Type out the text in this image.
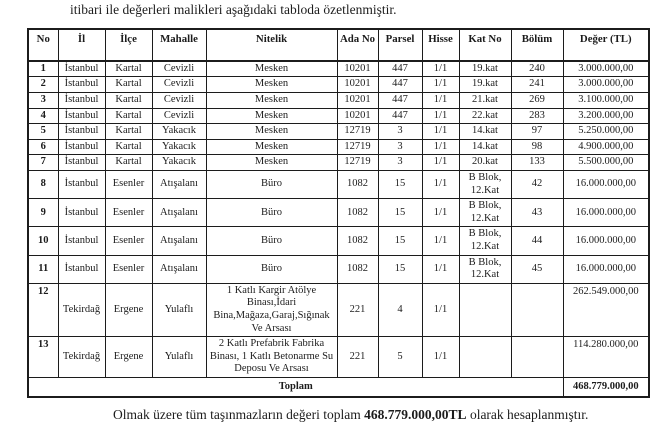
itibari ile değerleri malikleri aşağıdaki tabloda özetlenmiştir.

No	İl	İlçe	Mahalle	Nitelik	Ada No	Parsel	Hisse	Kat No	Bölüm	Değer (TL)
1	İstanbul	Kartal	Cevizli	Mesken	10201	447	1/1	19.kat	240	3.000.000,00
2	İstanbul	Kartal	Cevizli	Mesken	10201	447	1/1	19.kat	241	3.000.000,00
3	İstanbul	Kartal	Cevizli	Mesken	10201	447	1/1	21.kat	269	3.100.000,00
4	İstanbul	Kartal	Cevizli	Mesken	10201	447	1/1	22.kat	283	3.200.000,00
5	İstanbul	Kartal	Yakacık	Mesken	12719	3	1/1	14.kat	97	5.250.000,00
6	İstanbul	Kartal	Yakacık	Mesken	12719	3	1/1	14.kat	98	4.900.000,00
7	İstanbul	Kartal	Yakacık	Mesken	12719	3	1/1	20.kat	133	5.500.000,00
8	İstanbul	Esenler	Atışalanı	Büro	1082	15	1/1	B Blok, 12.Kat	42	16.000.000,00
9	İstanbul	Esenler	Atışalanı	Büro	1082	15	1/1	B Blok, 12.Kat	43	16.000.000,00
10	İstanbul	Esenler	Atışalanı	Büro	1082	15	1/1	B Blok, 12.Kat	44	16.000.000,00
11	İstanbul	Esenler	Atışalanı	Büro	1082	15	1/1	B Blok, 12.Kat	45	16.000.000,00
12	Tekirdağ	Ergene	Yulaflı	1 Katlı Kargir Atölye Binası,İdari Bina,Mağaza,Garaj,Sığınak Ve Arsası	221	4	1/1			262.549.000,00
13	Tekirdağ	Ergene	Yulaflı	2 Katlı Prefabrik Fabrika Binası, 1 Katlı Betonarme Su Deposu Ve Arsası	221	5	1/1			114.280.000,00
Toplam										468.779.000,00

Olmak üzere tüm taşınmazların değeri toplam 468.779.000,00TL olarak hesaplanmıştır.
